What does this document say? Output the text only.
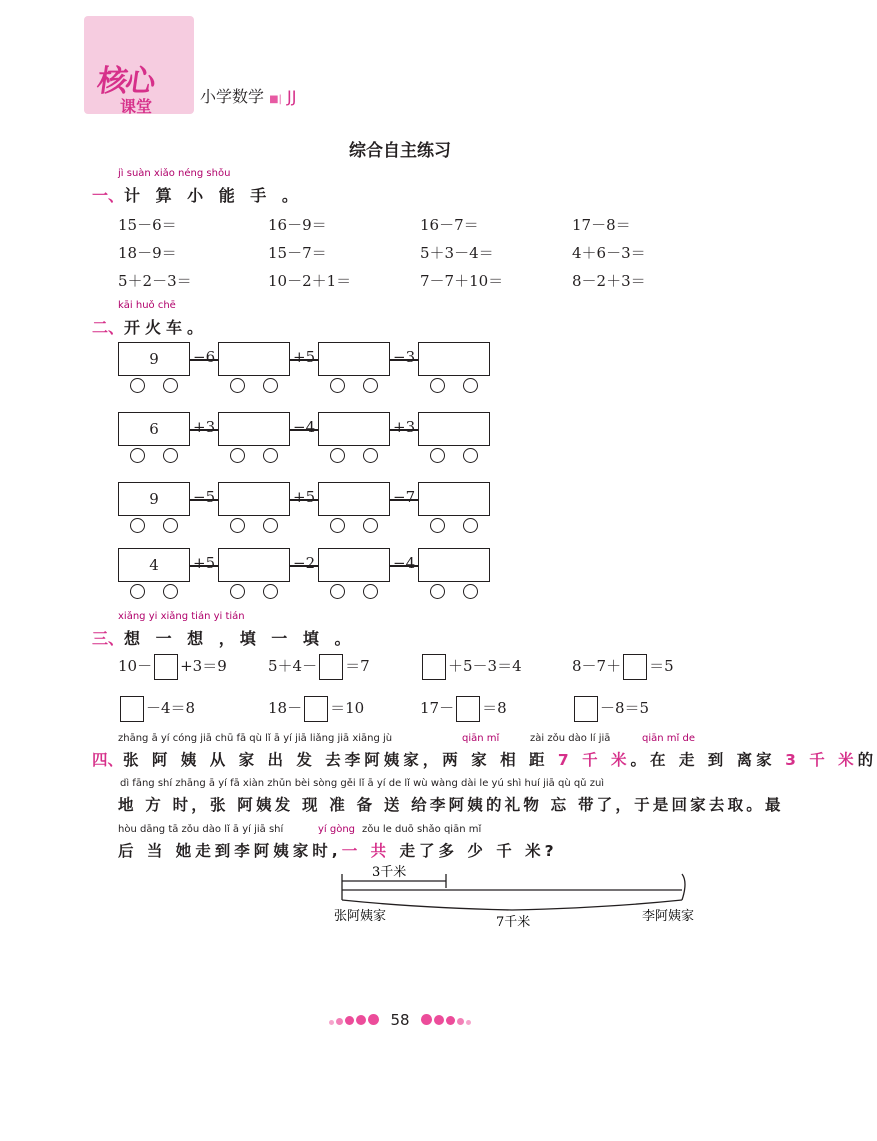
核心
课堂
小学数学 ■| JJ
综合自主练习
jì suàn xiǎo néng shǒu
一、计 算 小 能 手 。
15－6＝	16－9＝	16－7＝	17－8＝
18－9＝	15－7＝	5＋3－4＝	4＋6－3＝
5＋2－3＝	10－2＋1＝	7－7＋10＝	8－2＋3＝
kāi huǒ chē
二、开火车。
9	−6	+5	−3
6	+3	−4	+3
9	−5	+5	−7
4	+5	−2	−4
xiǎng yi xiǎng tián yi tián
三、想 一 想 ，填 一 填 。
10－ +3＝9	5＋4－ ＝7	＋5－3＝4	8－7＋ ＝5
－4＝8	18－ ＝10	17－ ＝8	－8＝5
zhāng ā yí cóng jiā chū fā qù lǐ ā yí jiā liǎng jiā xiāng jù	qiān mǐ	zài zǒu dào lí jiā	qiān mǐ de
四、张 阿 姨 从 家 出 发 去李阿姨家，两 家 相 距 7 千 米。在 走 到 离家 3 千 米的
dì fāng shí zhāng ā yí fā xiàn zhǔn bèi sòng gěi lǐ ā yí de lǐ wù wàng dài le yú shì huí jiā qù qǔ zuì
地 方 时，张 阿姨发 现 准 备 送 给李阿姨的礼物 忘 带了，于是回家去取。最
hòu dāng tā zǒu dào lǐ ā yí jiā shí	yí gòng zǒu le duō shǎo qiān mǐ
后 当 她走到李阿姨家时,一 共 走了多 少 千 米?
3千米
7千米
张阿姨家	李阿姨家
58
